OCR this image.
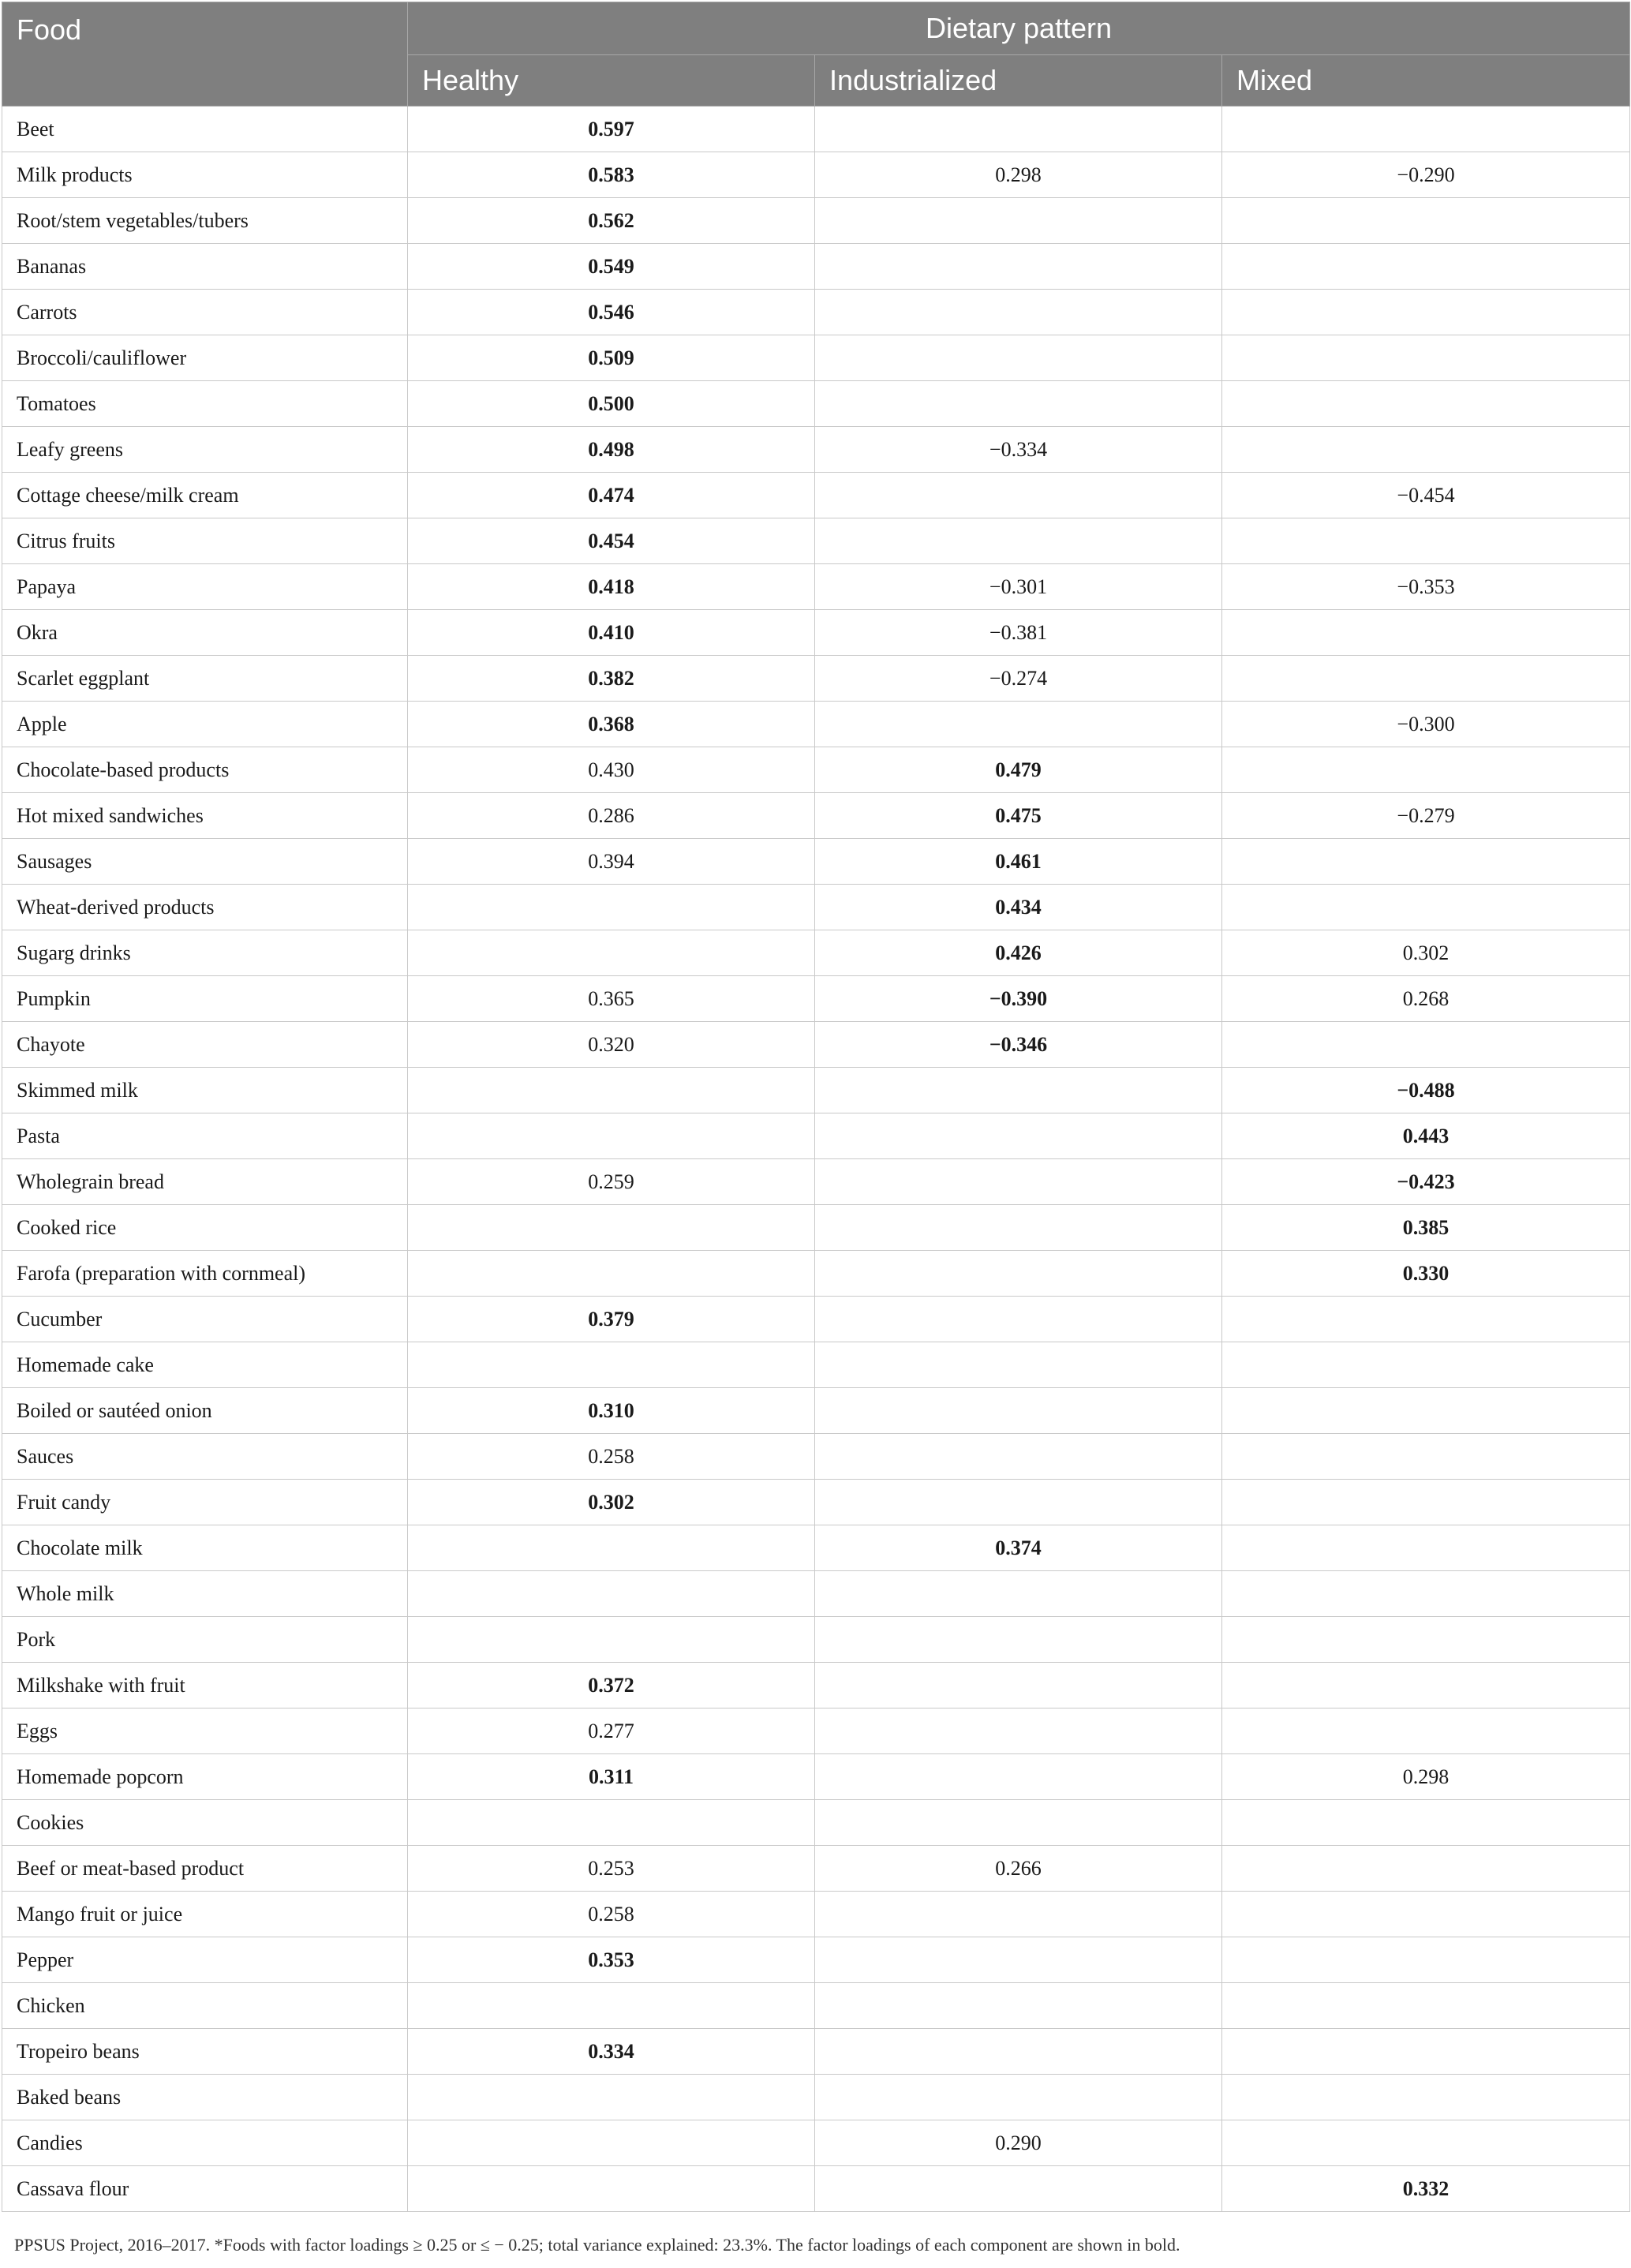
Food	Dietary pattern		
	Healthy	Industrialized	Mixed
Beet	0.597		
Milk products	0.583	0.298	−0.290
Root/stem vegetables/tubers	0.562		
Bananas	0.549		
Carrots	0.546		
Broccoli/cauliflower	0.509		
Tomatoes	0.500		
Leafy greens	0.498	−0.334	
Cottage cheese/milk cream	0.474		−0.454
Citrus fruits	0.454		
Papaya	0.418	−0.301	−0.353
Okra	0.410	−0.381	
Scarlet eggplant	0.382	−0.274	
Apple	0.368		−0.300
Chocolate-based products	0.430	0.479	
Hot mixed sandwiches	0.286	0.475	−0.279
Sausages	0.394	0.461	
Wheat-derived products		0.434	
Sugarg drinks		0.426	0.302
Pumpkin	0.365	−0.390	0.268
Chayote	0.320	−0.346	
Skimmed milk			−0.488
Pasta			0.443
Wholegrain bread	0.259		−0.423
Cooked rice			0.385
Farofa (preparation with cornmeal)			0.330
Cucumber	0.379		
Homemade cake			
Boiled or sautéed onion	0.310		
Sauces	0.258		
Fruit candy	0.302		
Chocolate milk		0.374	
Whole milk			
Pork			
Milkshake with fruit	0.372		
Eggs	0.277		
Homemade popcorn	0.311		0.298
Cookies			
Beef or meat-based product	0.253	0.266	
Mango fruit or juice	0.258		
Pepper	0.353		
Chicken			
Tropeiro beans	0.334		
Baked beans			
Candies		0.290	
Cassava flour			0.332
PPSUS Project, 2016–2017. *Foods with factor loadings ≥ 0.25 or ≤ − 0.25; total variance explained: 23.3%. The factor loadings of each component are shown in bold.
